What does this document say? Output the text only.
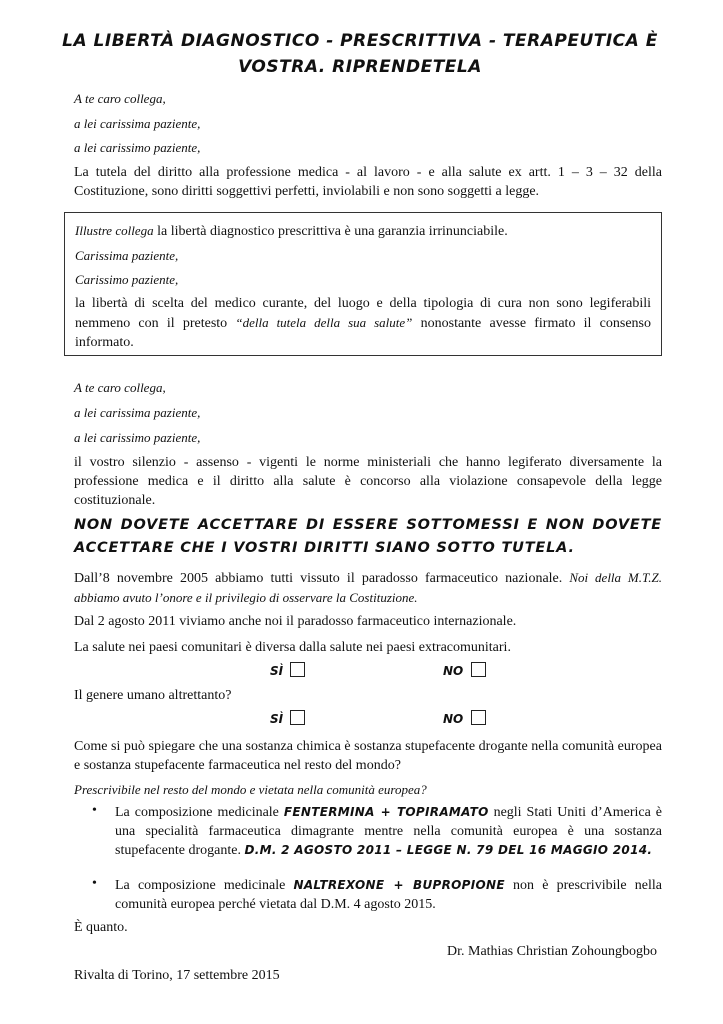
LA LIBERTÀ DIAGNOSTICO - PRESCRITTIVA - TERAPEUTICA È
VOSTRA. RIPRENDETELA
A te caro collega,
a lei carissima paziente,
a lei carissimo paziente,
La tutela del diritto alla professione medica - al lavoro - e alla salute ex artt. 1 – 3 – 32 della Costituzione, sono diritti soggettivi perfetti, inviolabili e non sono soggetti a legge.
Illustre collega la libertà diagnostico prescrittiva è una garanzia irrinunciabile.
Carissima paziente,
Carissimo paziente,
la libertà di scelta del medico curante, del luogo e della tipologia di cura non sono legiferabili nemmeno con il pretesto “della tutela della sua salute” nonostante avesse firmato il consenso informato.
A te caro collega,
a lei carissima paziente,
a lei carissimo paziente,
il vostro silenzio - assenso - vigenti le norme ministeriali che hanno legiferato diversamente la professione medica e il diritto alla salute è concorso alla violazione consapevole della legge costituzionale.
NON DOVETE ACCETTARE DI ESSERE SOTTOMESSI E NON DOVETE ACCETTARE CHE I VOSTRI DIRITTI SIANO SOTTO TUTELA.
Dall’8 novembre 2005 abbiamo tutti vissuto il paradosso farmaceutico nazionale. Noi della M.T.Z. abbiamo avuto l’onore e il privilegio di osservare la Costituzione.
Dal 2 agosto 2011 viviamo anche noi il paradosso farmaceutico internazionale.
La salute nei paesi comunitari è diversa dalla salute nei paesi extracomunitari.
SÌ	NO
Il genere umano altrettanto?
SÌ	NO
Come si può spiegare che una sostanza chimica è sostanza stupefacente drogante nella comunità europea e sostanza stupefacente farmaceutica nel resto del mondo?
Prescrivibile nel resto del mondo e vietata nella comunità europea?
• La composizione medicinale FENTERMINA + TOPIRAMATO negli Stati Uniti d’America è una specialità farmaceutica dimagrante mentre nella comunità europea è una sostanza stupefacente drogante. D.M. 2 AGOSTO 2011 – LEGGE N. 79 DEL 16 MAGGIO 2014.
• La composizione medicinale NALTREXONE + BUPROPIONE non è prescrivibile nella comunità europea perché vietata dal D.M. 4 agosto 2015.
È quanto.
Dr. Mathias Christian Zohoungbogbo
Rivalta di Torino, 17 settembre 2015
